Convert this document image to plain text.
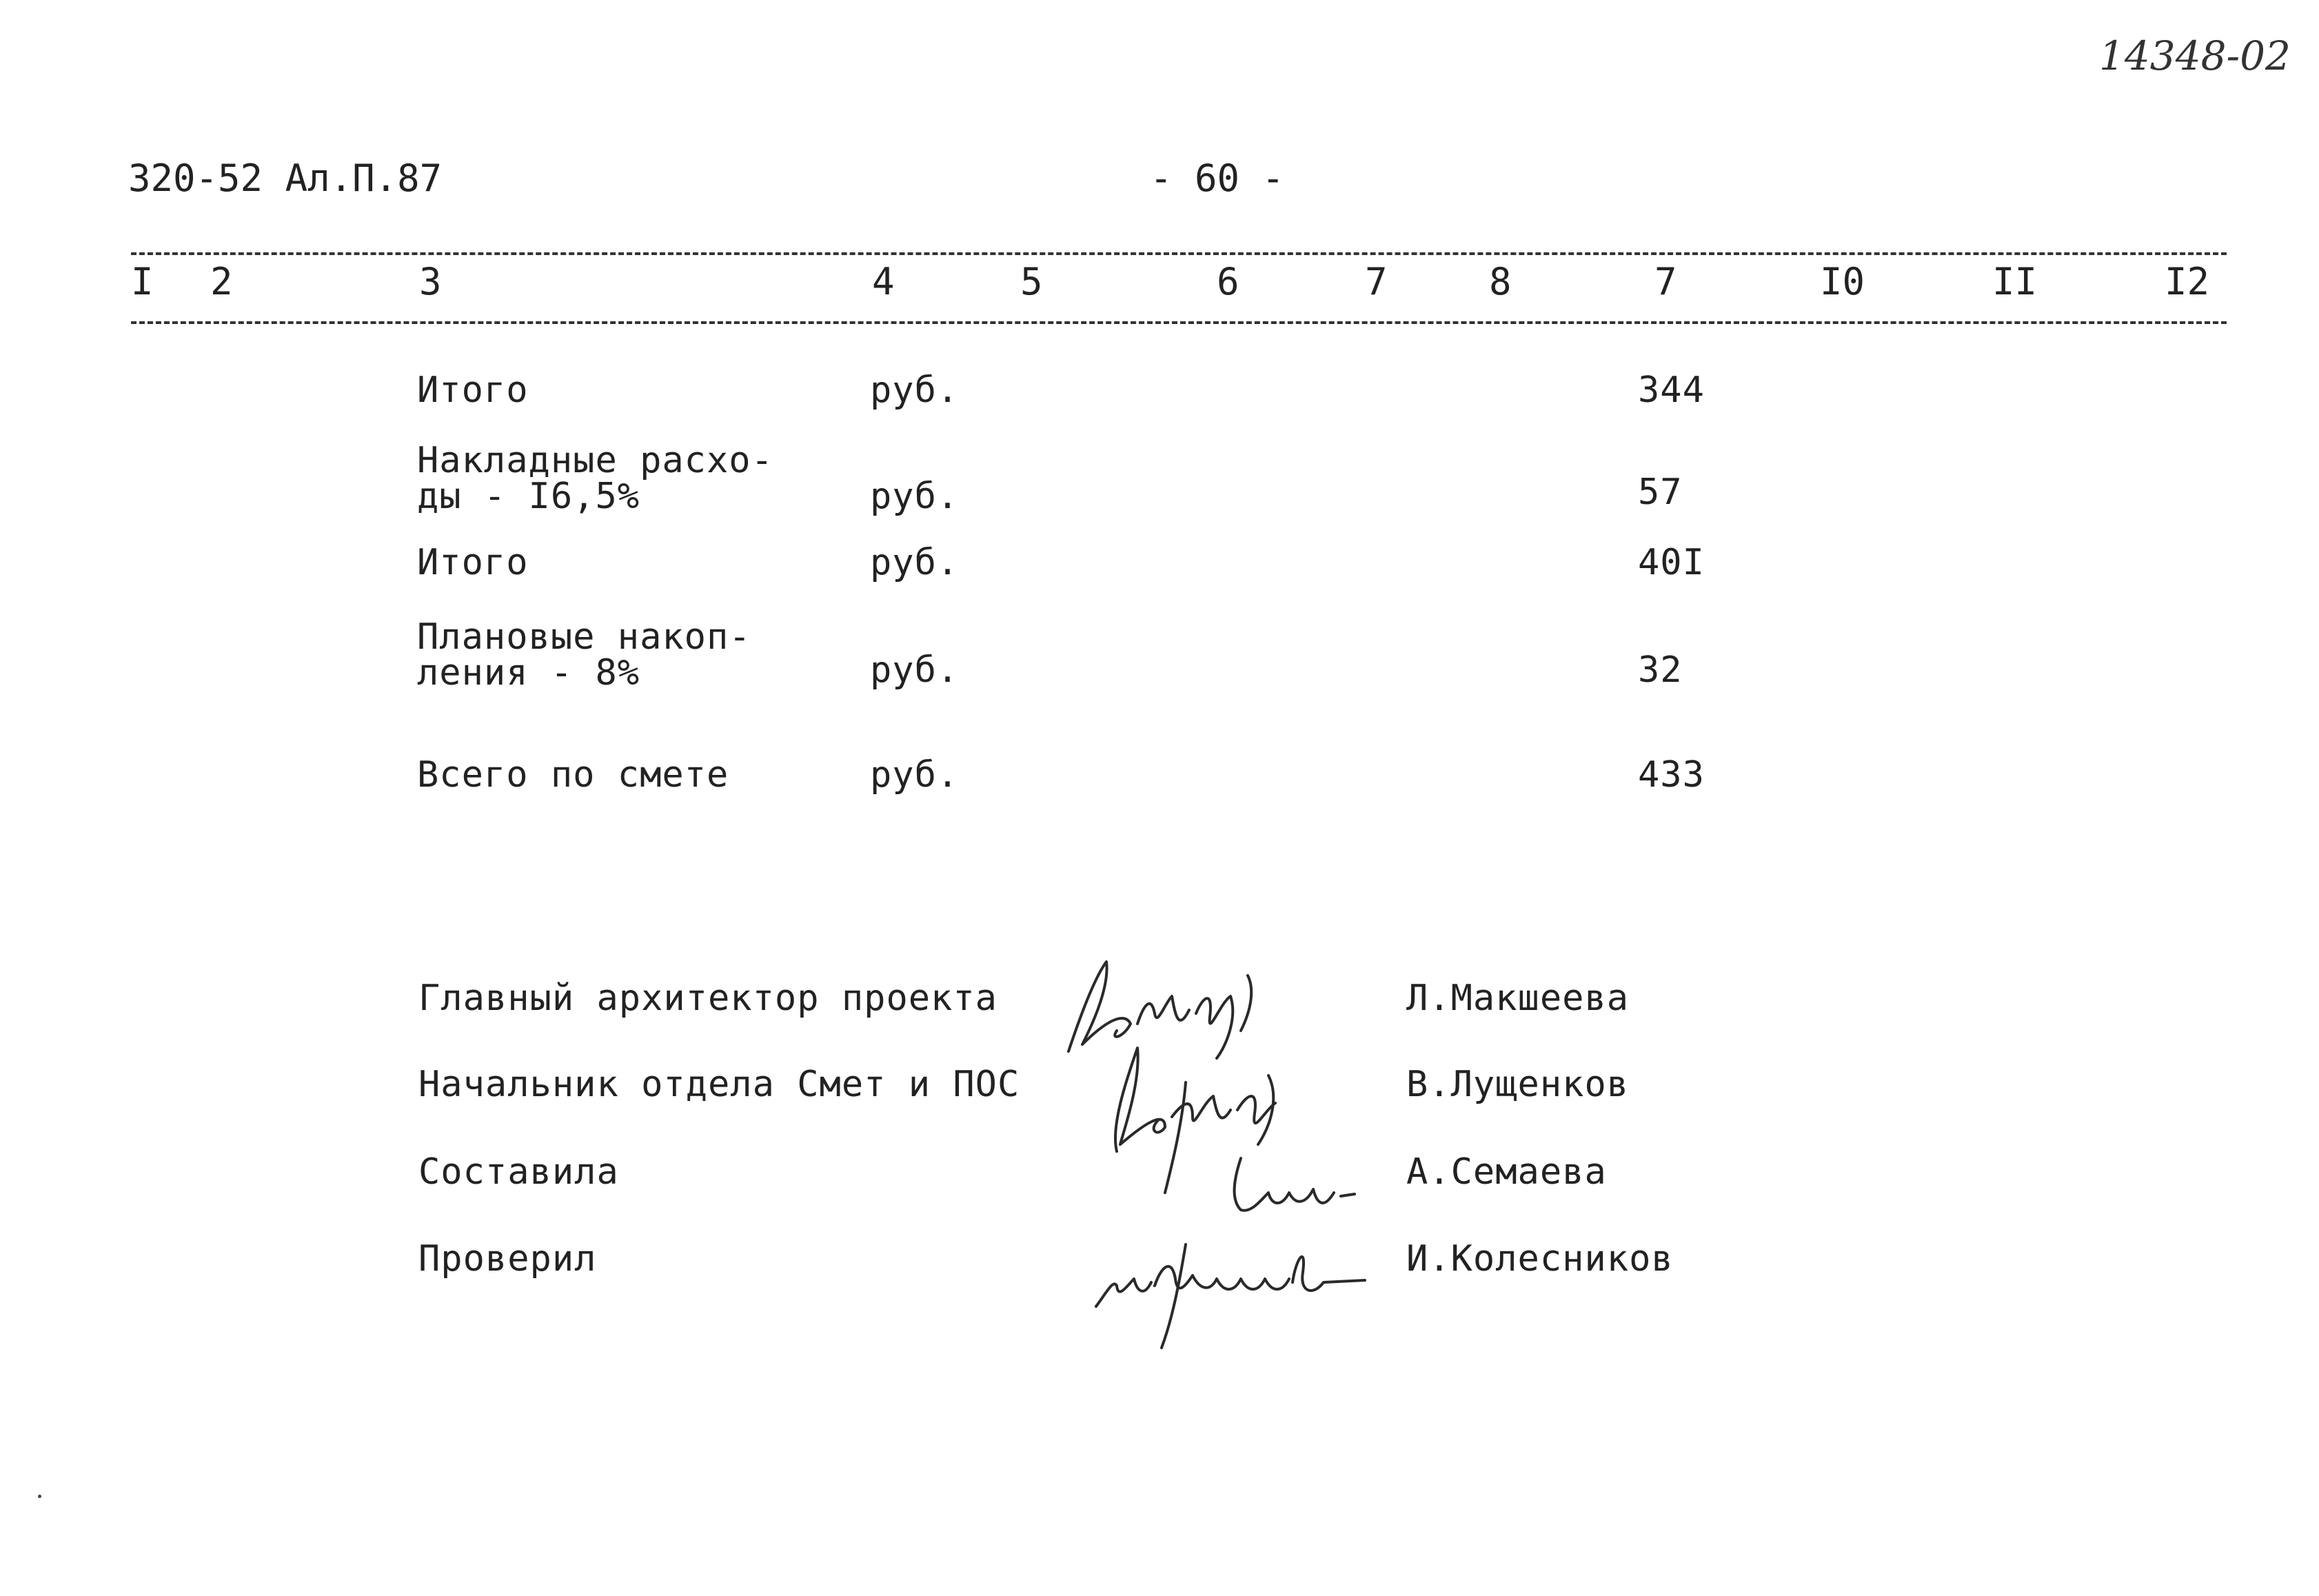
14348-02
320-52 Ал.П.87	- 60 -
I 2	3	4	5	6	7	8	7	I0	II	I2
Итого	руб.	344
Накладные расхо-
ды - I6,5%	руб.	57
Итого	руб.	40I
Плановые накоп-
ления - 8%	руб.	32
Всего по смете	руб.	433
Главный архитектор проекта	Л.Макшеева
Начальник отдела Смет и ПОС	В.Лущенков
Составила	А.Семаева
Проверил	И.Колесников
